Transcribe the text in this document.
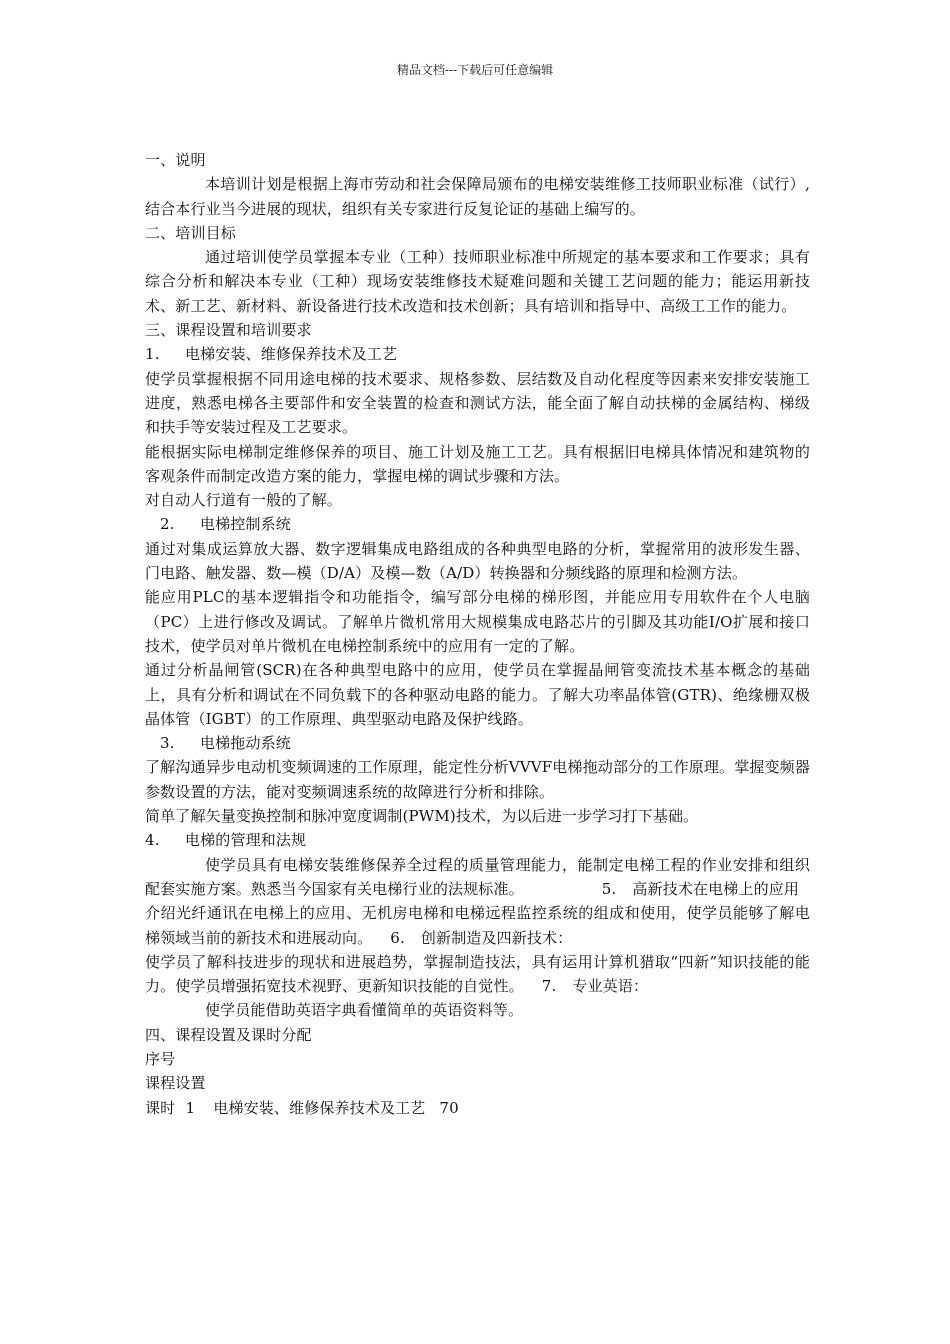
精品文档---下载后可任意编辑

一、说明

本培训计划是根据上海市劳动和社会保障局颁布的电梯安装维修工技师职业标准（试行）,结合本行业当今进展的现状，组织有关专家进行反复论证的基础上编写的。

二、培训目标

通过培训使学员掌握本专业（工种）技师职业标准中所规定的基本要求和工作要求；具有综合分析和解决本专业（工种）现场安装维修技术疑难问题和关键工艺问题的能力；能运用新技术、新工艺、新材料、新设备进行技术改造和技术创新；具有培训和指导中、高级工工作的能力。

三、课程设置和培训要求

1. 电梯安装、维修保养技术及工艺

使学员掌握根据不同用途电梯的技术要求、规格参数、层结数及自动化程度等因素来安排安装施工进度，熟悉电梯各主要部件和安全装置的检查和测试方法，能全面了解自动扶梯的金属结构、梯级和扶手等安装过程及工艺要求。

能根据实际电梯制定维修保养的项目、施工计划及施工工艺。具有根据旧电梯具体情况和建筑物的客观条件而制定改造方案的能力，掌握电梯的调试步骤和方法。

对自动人行道有一般的了解。

2. 电梯控制系统

通过对集成运算放大器、数字逻辑集成电路组成的各种典型电路的分析，掌握常用的波形发生器、门电路、触发器、数—模（D/A）及模—数（A/D）转换器和分频线路的原理和检测方法。

能应用PLC的基本逻辑指令和功能指令，编写部分电梯的梯形图，并能应用专用软件在个人电脑（PC）上进行修改及调试。了解单片微机常用大规模集成电路芯片的引脚及其功能I/O扩展和接口技术，使学员对单片微机在电梯控制系统中的应用有一定的了解。

通过分析晶闸管(SCR)在各种典型电路中的应用，使学员在掌握晶闸管变流技术基本概念的基础上，具有分析和调试在不同负载下的各种驱动电路的能力。了解大功率晶体管(GTR)、绝缘栅双极晶体管（IGBT）的工作原理、典型驱动电路及保护线路。

3. 电梯拖动系统

了解沟通异步电动机变频调速的工作原理，能定性分析VVVF电梯拖动部分的工作原理。掌握变频器参数设置的方法，能对变频调速系统的故障进行分析和排除。

简单了解矢量变换控制和脉冲宽度调制(PWM)技术，为以后进一步学习打下基础。

4. 电梯的管理和法规

使学员具有电梯安装维修保养全过程的质量管理能力，能制定电梯工程的作业安排和组织配套实施方案。熟悉当今国家有关电梯行业的法规标准。	5. 高新技术在电梯上的应用

介绍光纤通讯在电梯上的应用、无机房电梯和电梯远程监控系统的组成和使用，使学员能够了解电梯领域当前的新技术和进展动向。 6. 创新制造及四新技术：

使学员了解科技进步的现状和进展趋势，掌握制造技法，具有运用计算机猎取“四新”知识技能的能力。使学员增强拓宽技术视野、更新知识技能的自觉性。 7. 专业英语：

使学员能借助英语字典看懂简单的英语资料等。

四、课程设置及课时分配

序号

课程设置

课时 1 电梯安装、维修保养技术及工艺 70
